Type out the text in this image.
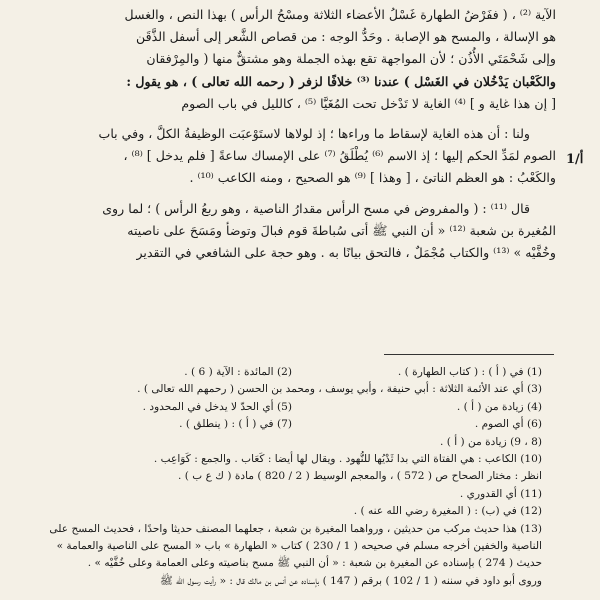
الآية ⁽²⁾ ، ( ففَرْضُ الطهارة غَسْلُ الأعضاء الثلاثة ومسْحُ الرأس ) بهذا النص ، والغسل

هو الإسالة ، والمسح هو الإصابة . وحَدُّ الوجه : من قصاص الشَّعر إلى أسفل الذَّقَن

وإلى شَحْمَتَي الأُذُن ؛ لأن المواجهة تقع بهذه الجملة وهو مشتقٌّ منها ( والمِرْفقان

والكَعْبان يَدْخُلان في الغَسْل ) عندنا ⁽³⁾ خلافًا لزفر ( رحمه الله تعالى ) ، هو يقول :

[ إن هذا غاية و ] ⁽⁴⁾ الغاية لا تَدْخل تحت المُغَيَّا ⁽⁵⁾ ، كالليل في باب الصوم

ولنا : أن هذه الغاية لإسقاط ما وراءها ؛ إذ لولاها لاستَوْعبَت الوظيفةُ الكلَّ ، وفي باب

الصوم لمَدِّ الحكم إليها ؛ إذ الاسم ⁽⁶⁾ يُطْلَقُ ⁽⁷⁾ على الإمساك ساعةً [ فلم يدخل ] ⁽⁸⁾ ،

والكَعْبُ : هو العظم الناتئ ، [ وهذا ] ⁽⁹⁾ هو الصحيح ، ومنه الكاعب ⁽¹⁰⁾ .

قال ⁽¹¹⁾ : ( والمفروض في مسح الرأس مقدارُ الناصية ، وهو ربعُ الرأس ) ؛ لما روى

المُغيرة بن شعبة ⁽¹²⁾ « أن النبي ﷺ أتى سُباطةَ قوم فبالَ وتوضأ ومَسَحَ على ناصيته

وخُفَّيْه » ⁽¹³⁾ والكتاب مُجْمَلٌ ، فالتحق بيانًا به . وهو حجة على الشافعي في التقدير

1/أ
(1) في ( أ ) : ( كتاب الطهارة ) .
(2) المائدة : الآية ( 6 ) .
(3) أي عند الأئمة الثلاثة : أبي حنيفة ، وأبي يوسف ، ومحمد بن الحسن ( رحمهم الله تعالى ) .
(4) زيادة من ( أ ) .
(5) أي الحدّ لا يدخل في المحدود .
(6) أي الصوم .
(7) في ( أ ) : ( ينطلق ) .
(8 ، 9) زيادة من ( أ ) .
(10) الكاعب : هي الفتاة التي بدا ثَدْيُها للنُّهود . ويقال لها أيضا : كَعَاب . والجمع : كَوَاعِب .
انظر : مختار الصحاح ص ( 572 ) ، والمعجم الوسيط ( 2 / 820 ) مادة ( ك ع ب ) .
(11) أي القدوري .
(12) في (ب) : ( المغيرة رضي الله عنه ) .
(13) هذا حديث مركب من حديثين ، ورواهما المغيرة بن شعبة ، جعلهما المصنف حديثا واحدًا ، فحديث المسح على
الناصية والخفين أخرجه مسلم في صحيحه ( 1 / 230 ) كتاب « الطهارة » باب « المسح على الناصية والعمامة »
حديث ( 274 ) بإسناده عن المغيرة بن شعبة : « أن النبي ﷺ مسح بناصيته وعلى العمامة وعلى خُفَّيْه » .
وروى أبو داود في سننه ( 1 / 102 ) برقم ( 147 ) بإسناده عن أنس بن مالك قال : « رأيت رسول الله ﷺ
